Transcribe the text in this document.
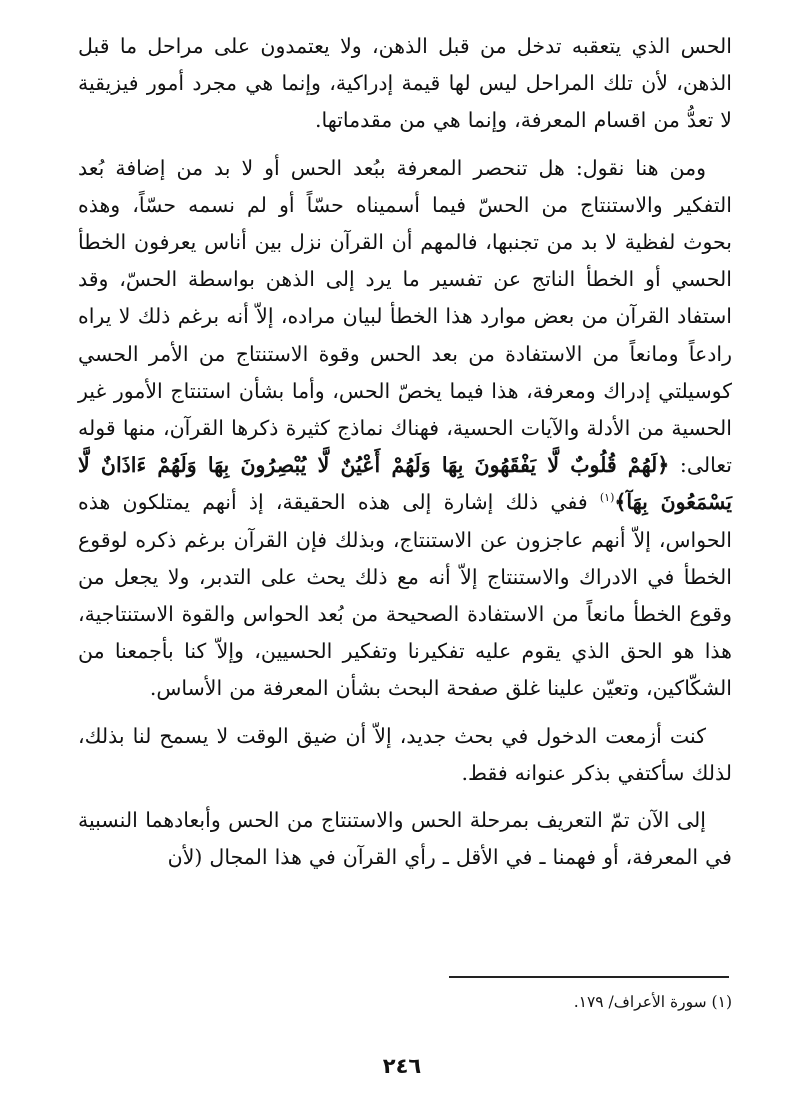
الحس الذي يتعقبه تدخل من قبل الذهن، ولا يعتمدون على مراحل ما قبل الذهن، لأن تلك المراحل ليس لها قيمة إدراكية، وإنما هي مجرد أمور فيزيقية لا تعدُّ من اقسام المعرفة، وإنما هي من مقدماتها.

ومن هنا نقول: هل تنحصر المعرفة ببُعد الحس أو لا بد من إضافة بُعد التفكير والاستنتاج من الحسّ فيما أسميناه حسّاً أو لم نسمه حسّاً، وهذه بحوث لفظية لا بد من تجنبها، فالمهم أن القرآن نزل بين أناس يعرفون الخطأ الحسي أو الخطأ الناتج عن تفسير ما يرد إلى الذهن بواسطة الحسّ، وقد استفاد القرآن من بعض موارد هذا الخطأ لبيان مراده، إلاّ أنه برغم ذلك لا يراه رادعاً ومانعاً من الاستفادة من بعد الحس وقوة الاستنتاج من الأمر الحسي كوسيلتي إدراك ومعرفة، هذا فيما يخصّ الحس، وأما بشأن استنتاج الأمور غير الحسية من الأدلة والآيات الحسية، فهناك نماذج كثيرة ذكرها القرآن، منها قوله تعالى: ﴿لَهُمْ قُلُوبٌ لَّا يَفْقَهُونَ بِهَا وَلَهُمْ أَعْيُنٌ لَّا يُبْصِرُونَ بِهَا وَلَهُمْ ءَاذَانٌ لَّا يَسْمَعُونَ بِهَآ﴾$^{(١)}$ ففي ذلك إشارة إلى هذه الحقيقة، إذ أنهم يمتلكون هذه الحواس، إلاّ أنهم عاجزون عن الاستنتاج، وبذلك فإن القرآن برغم ذكره لوقوع الخطأ في الادراك والاستنتاج إلاّ أنه مع ذلك يحث على التدبر، ولا يجعل من وقوع الخطأ مانعاً من الاستفادة الصحيحة من بُعد الحواس والقوة الاستنتاجية، هذا هو الحق الذي يقوم عليه تفكيرنا وتفكير الحسيين، وإلاّ كنا بأجمعنا من الشكّاكين، وتعيّن علينا غلق صفحة البحث بشأن المعرفة من الأساس.

كنت أزمعت الدخول في بحث جديد، إلاّ أن ضيق الوقت لا يسمح لنا بذلك، لذلك سأكتفي بذكر عنوانه فقط.

إلى الآن تمّ التعريف بمرحلة الحس والاستنتاج من الحس وأبعادهما النسبية في المعرفة، أو فهمنا ـ في الأقل ـ رأي القرآن في هذا المجال (لأن

(١) سورة الأعراف/ ١٧٩.
٢٤٦
